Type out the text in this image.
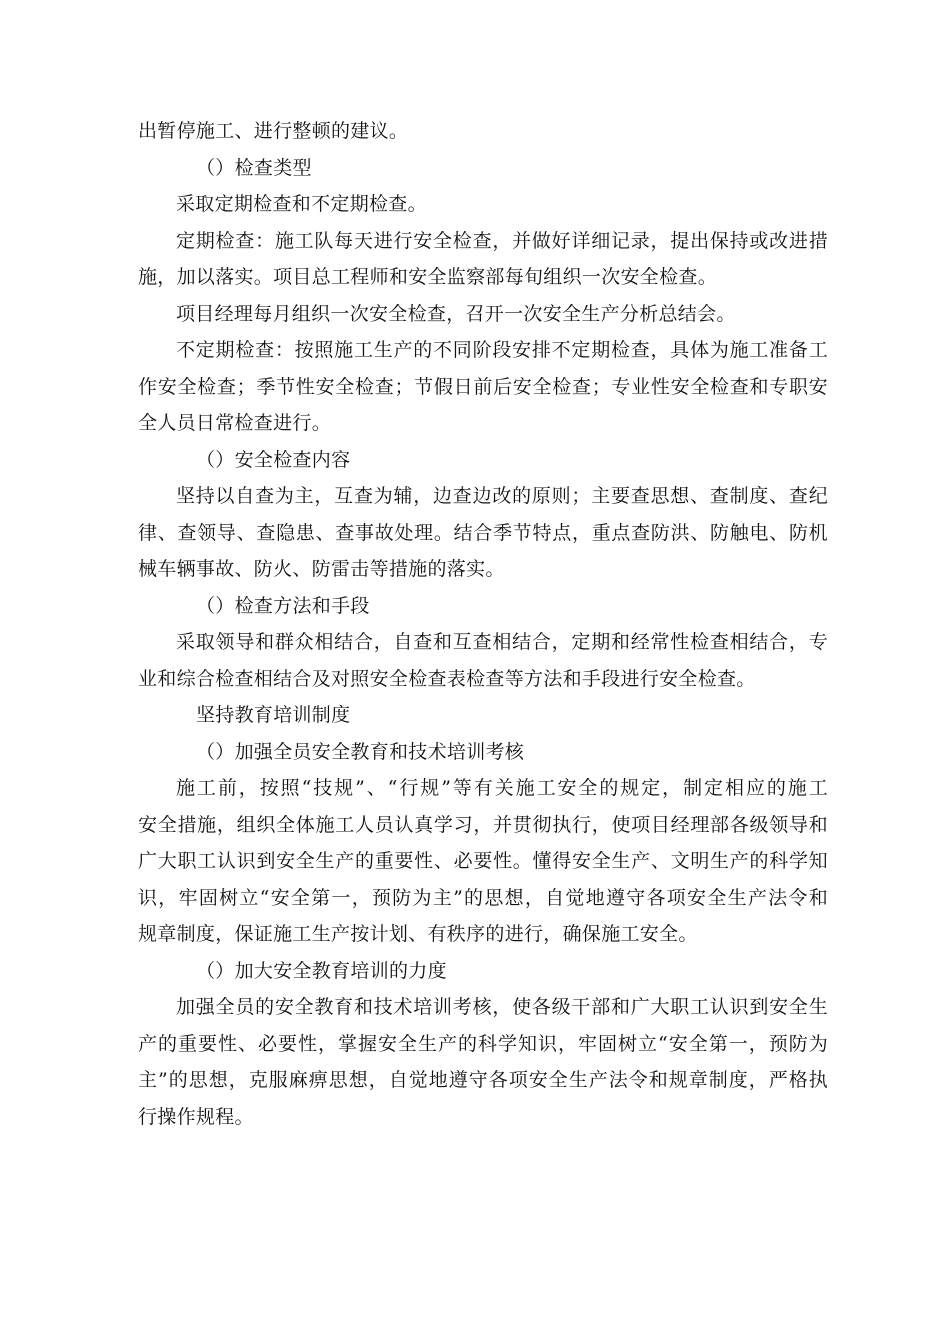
出暂停施工、进行整顿的建议。
（）检查类型
采取定期检查和不定期检查。
定期检查：施工队每天进行安全检查，并做好详细记录，提出保持或改进措
施，加以落实。项目总工程师和安全监察部每旬组织一次安全检查。
项目经理每月组织一次安全检查，召开一次安全生产分析总结会。
不定期检查：按照施工生产的不同阶段安排不定期检查，具体为施工准备工
作安全检查；季节性安全检查；节假日前后安全检查；专业性安全检查和专职安
全人员日常检查进行。
（）安全检查内容
坚持以自查为主，互查为辅，边查边改的原则；主要查思想、查制度、查纪
律、查领导、查隐患、查事故处理。结合季节特点，重点查防洪、防触电、防机
械车辆事故、防火、防雷击等措施的落实。
（）检查方法和手段
采取领导和群众相结合，自查和互查相结合，定期和经常性检查相结合，专
业和综合检查相结合及对照安全检查表检查等方法和手段进行安全检查。
坚持教育培训制度
（）加强全员安全教育和技术培训考核
施工前，按照“技规”、“行规”等有关施工安全的规定，制定相应的施工
安全措施，组织全体施工人员认真学习，并贯彻执行，使项目经理部各级领导和
广大职工认识到安全生产的重要性、必要性。懂得安全生产、文明生产的科学知
识，牢固树立“安全第一，预防为主”的思想，自觉地遵守各项安全生产法令和
规章制度，保证施工生产按计划、有秩序的进行，确保施工安全。
（）加大安全教育培训的力度
加强全员的安全教育和技术培训考核，使各级干部和广大职工认识到安全生
产的重要性、必要性，掌握安全生产的科学知识，牢固树立“安全第一，预防为
主”的思想，克服麻痹思想，自觉地遵守各项安全生产法令和规章制度，严格执
行操作规程。
